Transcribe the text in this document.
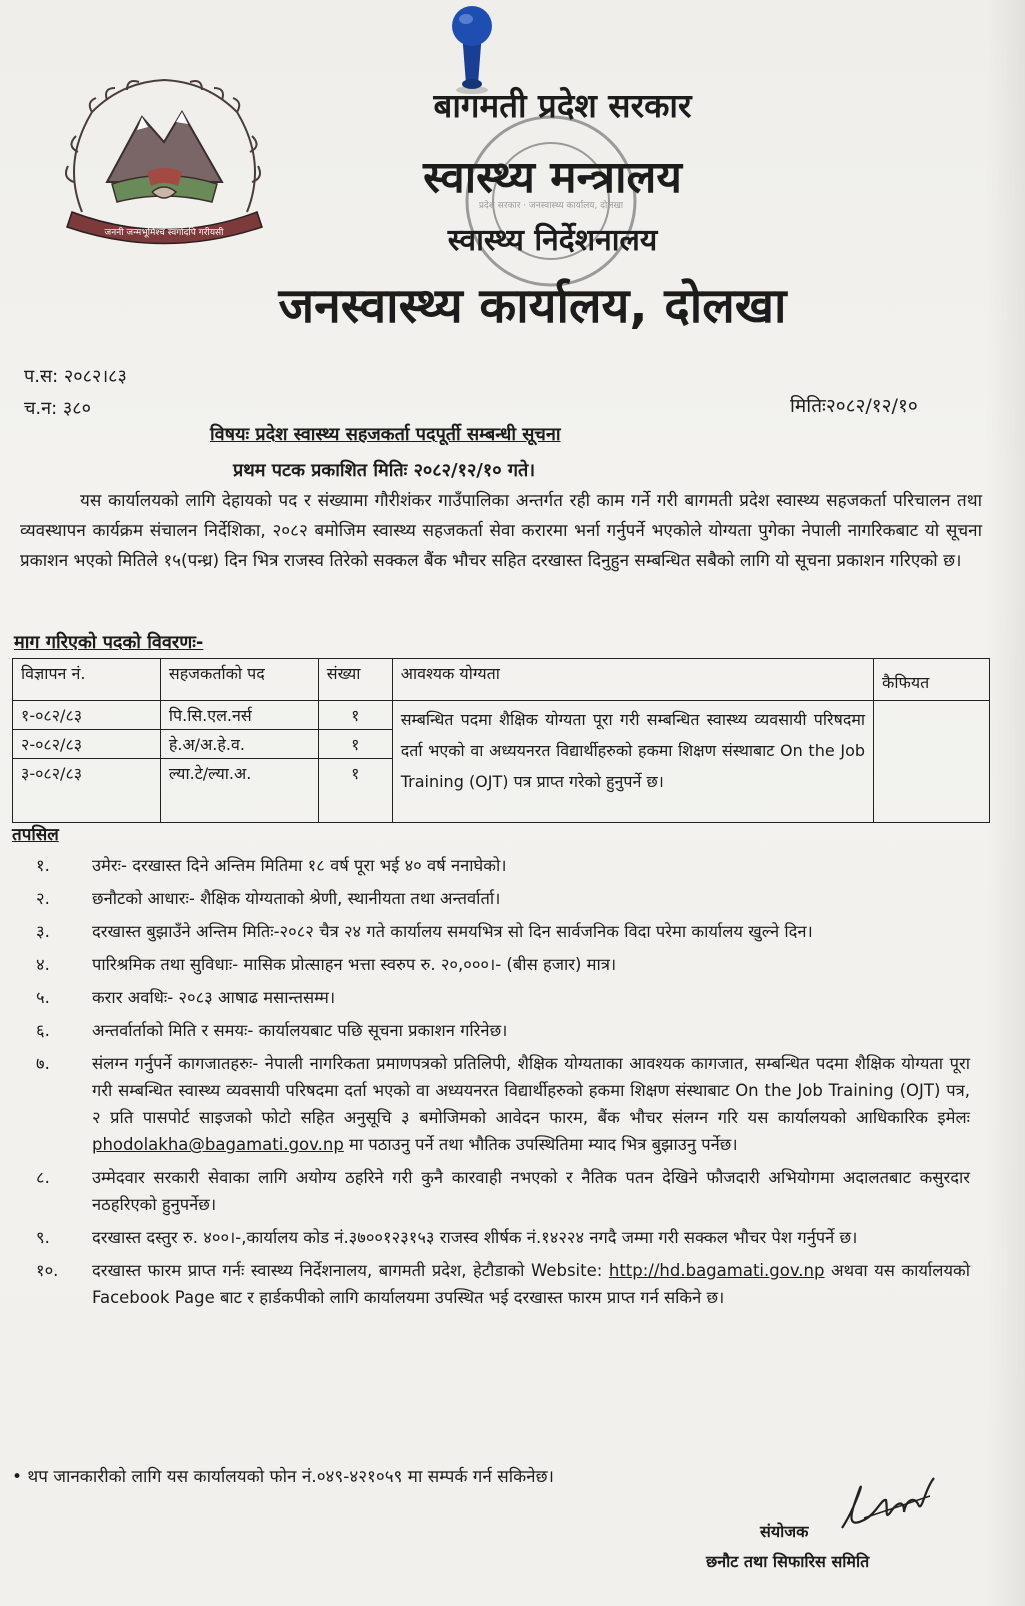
जननी जन्मभूमिश्च स्वर्गादपि गरीयसी
प्रदेश सरकार · जनस्वास्थ्य कार्यालय, दोलखा
बागमती प्रदेश सरकार
स्वास्थ्य मन्त्रालय
स्वास्थ्य निर्देशनालय
जनस्वास्थ्य कार्यालय, दोलखा
प.स: २०८२।८३
च.न: ३८०	मितिः२०८२/१२/१०
विषयः प्रदेश स्वास्थ्य सहजकर्ता पदपूर्ती सम्बन्धी सूचना
प्रथम पटक प्रकाशित मितिः २०८२/१२/१० गते।
यस कार्यालयको लागि देहायको पद र संख्यामा गौरीशंकर गाउँपालिका अन्तर्गत रही काम गर्ने गरी बागमती प्रदेश स्वास्थ्य सहजकर्ता परिचालन तथा व्यवस्थापन कार्यक्रम संचालन निर्देशिका, २०८२ बमोजिम स्वास्थ्य सहजकर्ता सेवा करारमा भर्ना गर्नुपर्ने भएकोले योग्यता पुगेका नेपाली नागरिकबाट यो सूचना प्रकाशन भएको मितिले १५(पन्ध्र) दिन भित्र राजस्व तिरेको सक्कल बैंक भौचर सहित दरखास्त दिनुहुन सम्बन्धित सबैको लागि यो सूचना प्रकाशन गरिएको छ।
माग गरिएको पदको विवरणः-
विज्ञापन नं.	सहजकर्ताको पद	संख्या	आवश्यक योग्यता	कैफियत
१-०८२/८३	पि.सि.एल.नर्स	१	सम्बन्धित पदमा शैक्षिक योग्यता पूरा गरी सम्बन्धित स्वास्थ्य व्यवसायी परिषदमा दर्ता भएको वा अध्ययनरत विद्यार्थीहरुको हकमा शिक्षण संस्थाबाट On the Job Training (OJT) पत्र प्राप्त गरेको हुनुपर्ने छ।	
२-०८२/८३	हे.अ/अ.हे.व.	१		
३-०८२/८३	ल्या.टे/ल्या.अ.	१		
तपसिल
१.	उमेरः- दरखास्त दिने अन्तिम मितिमा १८ वर्ष पूरा भई ४० वर्ष ननाघेको।
२.	छनौटको आधारः- शैक्षिक योग्यताको श्रेणी, स्थानीयता तथा अन्तर्वार्ता।
३.	दरखास्त बुझाउँने अन्तिम मितिः-२०८२ चैत्र २४ गते कार्यालय समयभित्र सो दिन सार्वजनिक विदा परेमा कार्यालय खुल्ने दिन।
४.	पारिश्रमिक तथा सुविधाः- मासिक प्रोत्साहन भत्ता स्वरुप रु. २०,०००।- (बीस हजार) मात्र।
५.	करार अवधिः- २०८३ आषाढ मसान्तसम्म।
६.	अन्तर्वार्ताको मिति र समयः- कार्यालयबाट पछि सूचना प्रकाशन गरिनेछ।
७.	संलग्न गर्नुपर्ने कागजातहरुः- नेपाली नागरिकता प्रमाणपत्रको प्रतिलिपी, शैक्षिक योग्यताका आवश्यक कागजात, सम्बन्धित पदमा शैक्षिक योग्यता पूरा गरी सम्बन्धित स्वास्थ्य व्यवसायी परिषदमा दर्ता भएको वा अध्ययनरत विद्यार्थीहरुको हकमा शिक्षण संस्थाबाट On the Job Training (OJT) पत्र, २ प्रति पासपोर्ट साइजको फोटो सहित अनुसूचि ३ बमोजिमको आवेदन फारम, बैंक भौचर संलग्न गरि यस कार्यालयको आधिकारिक इमेलः phodolakha@bagamati.gov.np मा पठाउनु पर्ने तथा भौतिक उपस्थितिमा म्याद भित्र बुझाउनु पर्नेछ।
८.	उम्मेदवार सरकारी सेवाका लागि अयोग्य ठहरिने गरी कुनै कारवाही नभएको र नैतिक पतन देखिने फौजदारी अभियोगमा अदालतबाट कसुरदार नठहरिएको हुनुपर्नेछ।
९.	दरखास्त दस्तुर रु. ४००।-,कार्यालय कोड नं.३७००१२३१५३ राजस्व शीर्षक नं.१४२२४ नगदै जम्मा गरी सक्कल भौचर पेश गर्नुपर्ने छ।
१०.	दरखास्त फारम प्राप्त गर्नः स्वास्थ्य निर्देशनालय, बागमती प्रदेश, हेटौडाको Website: http://hd.bagamati.gov.np अथवा यस कार्यालयको Facebook Page बाट र हार्डकपीको लागि कार्यालयमा उपस्थित भई दरखास्त फारम प्राप्त गर्न सकिने छ।
• थप जानकारीको लागि यस कार्यालयको फोन नं.०४९-४२१०५९ मा सम्पर्क गर्न सकिनेछ।
संयोजक
छनौट तथा सिफारिस समिति
